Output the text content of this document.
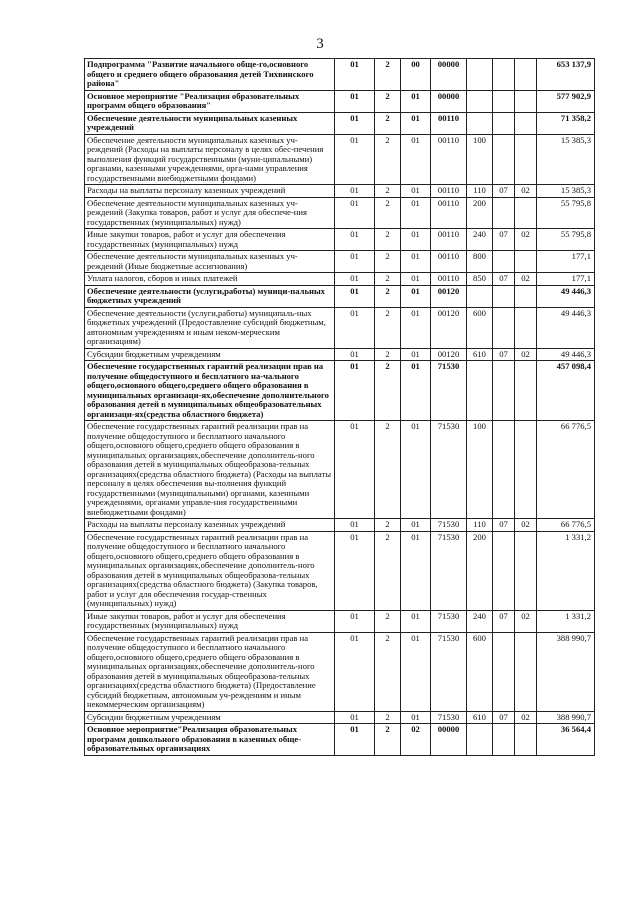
3
Подпрограмма "Развитие начального обще-го,основного общего и среднего общего образования детей Тихвинского района"	01	2	00	00000				653 137,9
Основное мероприятие "Реализация образовательных программ общего образования"	01	2	01	00000				577 902,9
Обеспечение деятельности муниципальных казенных учреждений	01	2	01	00110				71 358,2
Обеспечение деятельности муниципальных казенных уч-реждений (Расходы на выплаты персоналу в целях обес-печения выполнения функций государственными (муни-ципальными) органами, казенными учреждениями, орга-нами управления государственными внебюджетными фондами)	01	2	01	00110	100			15 385,3
Расходы на выплаты персоналу казенных учреждений	01	2	01	00110	110	07	02	15 385,3
Обеспечение деятельности муниципальных казенных уч-реждений (Закупка товаров, работ и услуг для обеспече-ния государственных (муниципальных) нужд)	01	2	01	00110	200			55 795,8
Иные закупки товаров, работ и услуг для обеспечения государственных (муниципальных) нужд	01	2	01	00110	240	07	02	55 795,8
Обеспечение деятельности муниципальных казенных уч-реждений (Иные бюджетные ассигнования)	01	2	01	00110	800			177,1
Уплата налогов, сборов и иных платежей	01	2	01	00110	850	07	02	177,1
Обеспечение деятельности (услуги,работы) муници-пальных бюджетных учреждений	01	2	01	00120				49 446,3
Обеспечение деятельности (услуги,работы) муниципаль-ных бюджетных учреждений (Предоставление субсидий бюджетным, автономным учреждениям и иным неком-мерческим организациям)	01	2	01	00120	600			49 446,3
Субсидии бюджетным учреждениям	01	2	01	00120	610	07	02	49 446,3
Обеспечение государственных гарантий реализации прав на получение общедоступного и бесплатного на-чального общего,основного общего,среднего общего образования в муниципальных организаци-ях,обеспечение дополнительного образования детей в муниципальных общеобразовательных организаци-ях(средства областного бюджета)	01	2	01	71530				457 098,4
Обеспечение государственных гарантий реализации прав на получение общедоступного и бесплатного начального общего,основного общего,среднего общего образования в муниципальных организациях,обеспечение дополнитель-ного образования детей в муниципальных общеобразова-тельных организациях(средства областного бюджета) (Расходы на выплаты персоналу в целях обеспечения вы-полнения функций государственными (муниципальными) органами, казенными учреждениями, органами управле-ния государственными внебюджетными фондами)	01	2	01	71530	100			66 776,5
Расходы на выплаты персоналу казенных учреждений	01	2	01	71530	110	07	02	66 776,5
Обеспечение государственных гарантий реализации прав на получение общедоступного и бесплатного начального общего,основного общего,среднего общего образования в муниципальных организациях,обеспечение дополнитель-ного образования детей в муниципальных общеобразова-тельных организациях(средства областного бюджета) (Закупка товаров, работ и услуг для обеспечения государ-ственных (муниципальных) нужд)	01	2	01	71530	200			1 331,2
Иные закупки товаров, работ и услуг для обеспечения государственных (муниципальных) нужд	01	2	01	71530	240	07	02	1 331,2
Обеспечение государственных гарантий реализации прав на получение общедоступного и бесплатного начального общего,основного общего,среднего общего образования в муниципальных организациях,обеспечение дополнитель-ного образования детей в муниципальных общеобразова-тельных организациях(средства областного бюджета) (Предоставление субсидий бюджетным, автономным уч-реждениям и иным некоммерческим организациям)	01	2	01	71530	600			388 990,7
Субсидии бюджетным учреждениям	01	2	01	71530	610	07	02	388 990,7
Основное мероприятие"Реализация образовательных программ дошкольного образования в казенных обще-образовательных организациях	01	2	02	00000				36 564,4
